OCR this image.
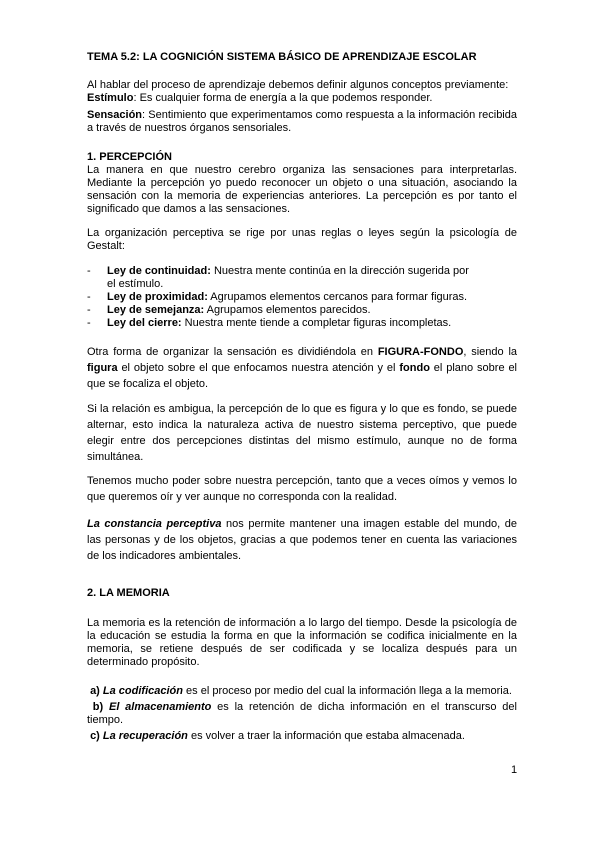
TEMA 5.2: LA COGNICIÓN SISTEMA BÁSICO DE APRENDIZAJE ESCOLAR

Al hablar del proceso de aprendizaje debemos definir algunos conceptos previamente:

Estímulo: Es cualquier forma de energía a la que podemos responder.

Sensación: Sentimiento que experimentamos como respuesta a la información recibida a través de nuestros órganos sensoriales.

1. PERCEPCIÓN

La manera en que nuestro cerebro organiza las sensaciones para interpretarlas. Mediante la percepción yo puedo reconocer un objeto o una situación, asociando la sensación con la memoria de experiencias anteriores. La percepción es por tanto el significado que damos a las sensaciones.

La organización perceptiva se rige por unas reglas o leyes según la psicología de Gestalt:

- Ley de continuidad: Nuestra mente continúa en la dirección sugerida por el estímulo.
- Ley de proximidad: Agrupamos elementos cercanos para formar figuras.
- Ley de semejanza: Agrupamos elementos parecidos.
- Ley del cierre: Nuestra mente tiende a completar figuras incompletas.

Otra forma de organizar la sensación es dividiéndola en FIGURA-FONDO, siendo la figura el objeto sobre el que enfocamos nuestra atención y el fondo el plano sobre el que se focaliza el objeto.

Si la relación es ambigua, la percepción de lo que es figura y lo que es fondo, se puede alternar, esto indica la naturaleza activa de nuestro sistema perceptivo, que puede elegir entre dos percepciones distintas del mismo estímulo, aunque no de forma simultánea.

Tenemos mucho poder sobre nuestra percepción, tanto que a veces oímos y vemos lo que queremos oír y ver aunque no corresponda con la realidad.

La constancia perceptiva nos permite mantener una imagen estable del mundo, de las personas y de los objetos, gracias a que podemos tener en cuenta las variaciones de los indicadores ambientales.

2. LA MEMORIA

La memoria es la retención de información a lo largo del tiempo. Desde la psicología de la educación se estudia la forma en que la información se codifica inicialmente en la memoria, se retiene después de ser codificada y se localiza después para un determinado propósito.

a) La codificación es el proceso por medio del cual la información llega a la memoria.

b) El almacenamiento es la retención de dicha información en el transcurso del tiempo.

c) La recuperación es volver a traer la información que estaba almacenada.

1
